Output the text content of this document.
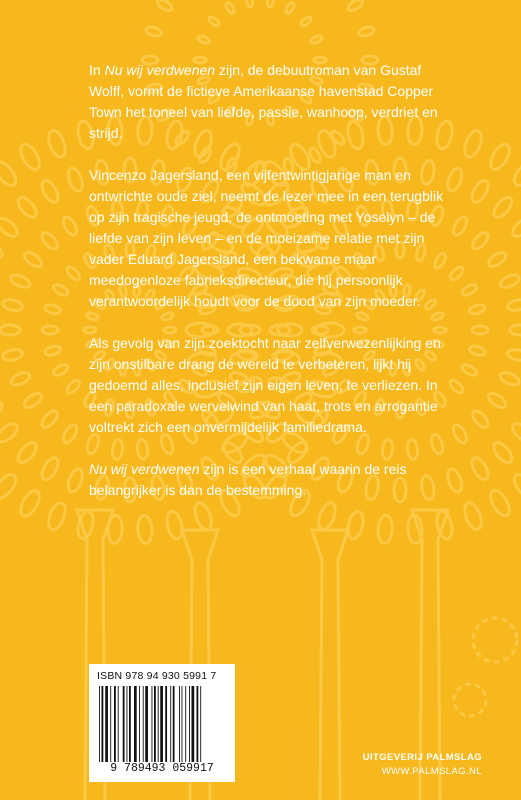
In Nu wij verdwenen zijn, de debuutroman van Gustaf Wolff, vormt de fictieve Amerikaanse havenstad Copper Town het toneel van liefde, passie, wanhoop, verdriet en strijd.

Vincenzo Jagersland, een vijfentwintigjarige man en ontwrichte oude ziel, neemt de lezer mee in een terugblik op zijn tragische jeugd, de ontmoeting met Yoselyn – de liefde van zijn leven – en de moeizame relatie met zijn vader Eduard Jagersland, een bekwame maar meedogenloze fabrieksdirecteur, die hij persoonlijk verantwoordelijk houdt voor de dood van zijn moeder.

Als gevolg van zijn zoektocht naar zelfverwezenlijking en zijn onstilbare drang de wereld te verbeteren, lijkt hij gedoemd alles, inclusief zijn eigen leven, te verliezen. In een paradoxale wervelwind van haat, trots en arrogantie voltrekt zich een onvermijdelijk familiedrama.

Nu wij verdwenen zijn is een verhaal waarin de reis belangrijker is dan de bestemming.

ISBN 978 94 930 5991 7
9 789493 059917
UITGEVERIJ PALMSLAG
WWW.PALMSLAG.NL
